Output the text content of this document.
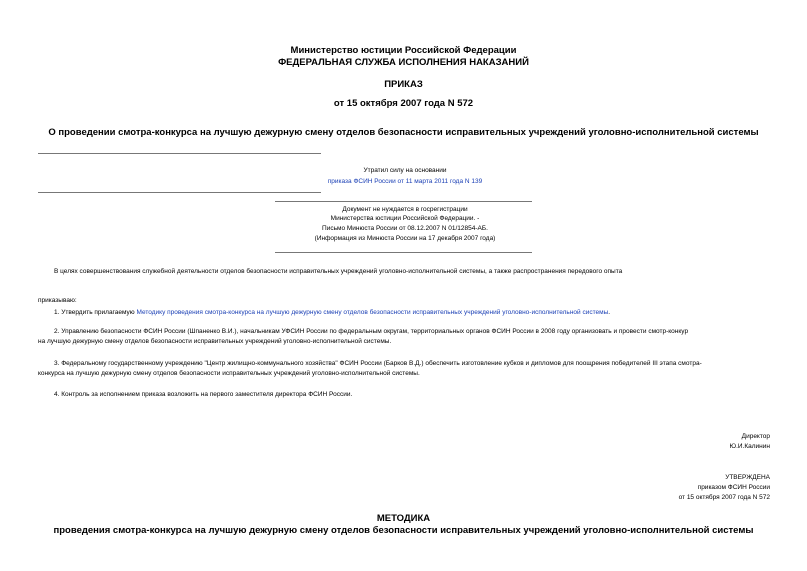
Министерство юстиции Российской Федерации
ФЕДЕРАЛЬНАЯ СЛУЖБА ИСПОЛНЕНИЯ НАКАЗАНИЙ
ПРИКАЗ
от 15 октября 2007 года N 572
О проведении смотра-конкурса на лучшую дежурную смену отделов безопасности исправительных учреждений уголовно-исполнительной системы
Утратил силу на основании
приказа ФСИН России от 11 марта 2011 года N 139
Документ не нуждается в госрегистрации
Министерства юстиции Российской Федерации. -
Письмо Минюста России от 08.12.2007 N 01/12854-АБ.
(Информация из Минюста России на 17 декабря 2007 года)
В целях совершенствования служебной деятельности отделов безопасности исправительных учреждений уголовно-исполнительной системы, а также распространения передового опыта
приказываю:
1. Утвердить прилагаемую Методику проведения смотра-конкурса на лучшую дежурную смену отделов безопасности исправительных учреждений уголовно-исполнительной системы.
2. Управлению безопасности ФСИН России (Шпаненко В.И.), начальникам УФСИН России по федеральным округам, территориальных органов ФСИН России в 2008 году организовать и провести смотр-конкур
на лучшую дежурную смену отделов безопасности исправительных учреждений уголовно-исполнительной системы.
3. Федеральному государственному учреждению "Центр жилищно-коммунального хозяйства" ФСИН России (Барков В.Д.) обеспечить изготовление кубков и дипломов для поощрения победителей III этапа смотра-
конкурса на лучшую дежурную смену отделов безопасности исправительных учреждений уголовно-исполнительной системы.
4. Контроль за исполнением приказа возложить на первого заместителя директора ФСИН России.
Директор
Ю.И.Калинин
УТВЕРЖДЕНА
приказом ФСИН России
от 15 октября 2007 года N 572
МЕТОДИКА
проведения смотра-конкурса на лучшую дежурную смену отделов безопасности исправительных учреждений уголовно-исполнительной системы
